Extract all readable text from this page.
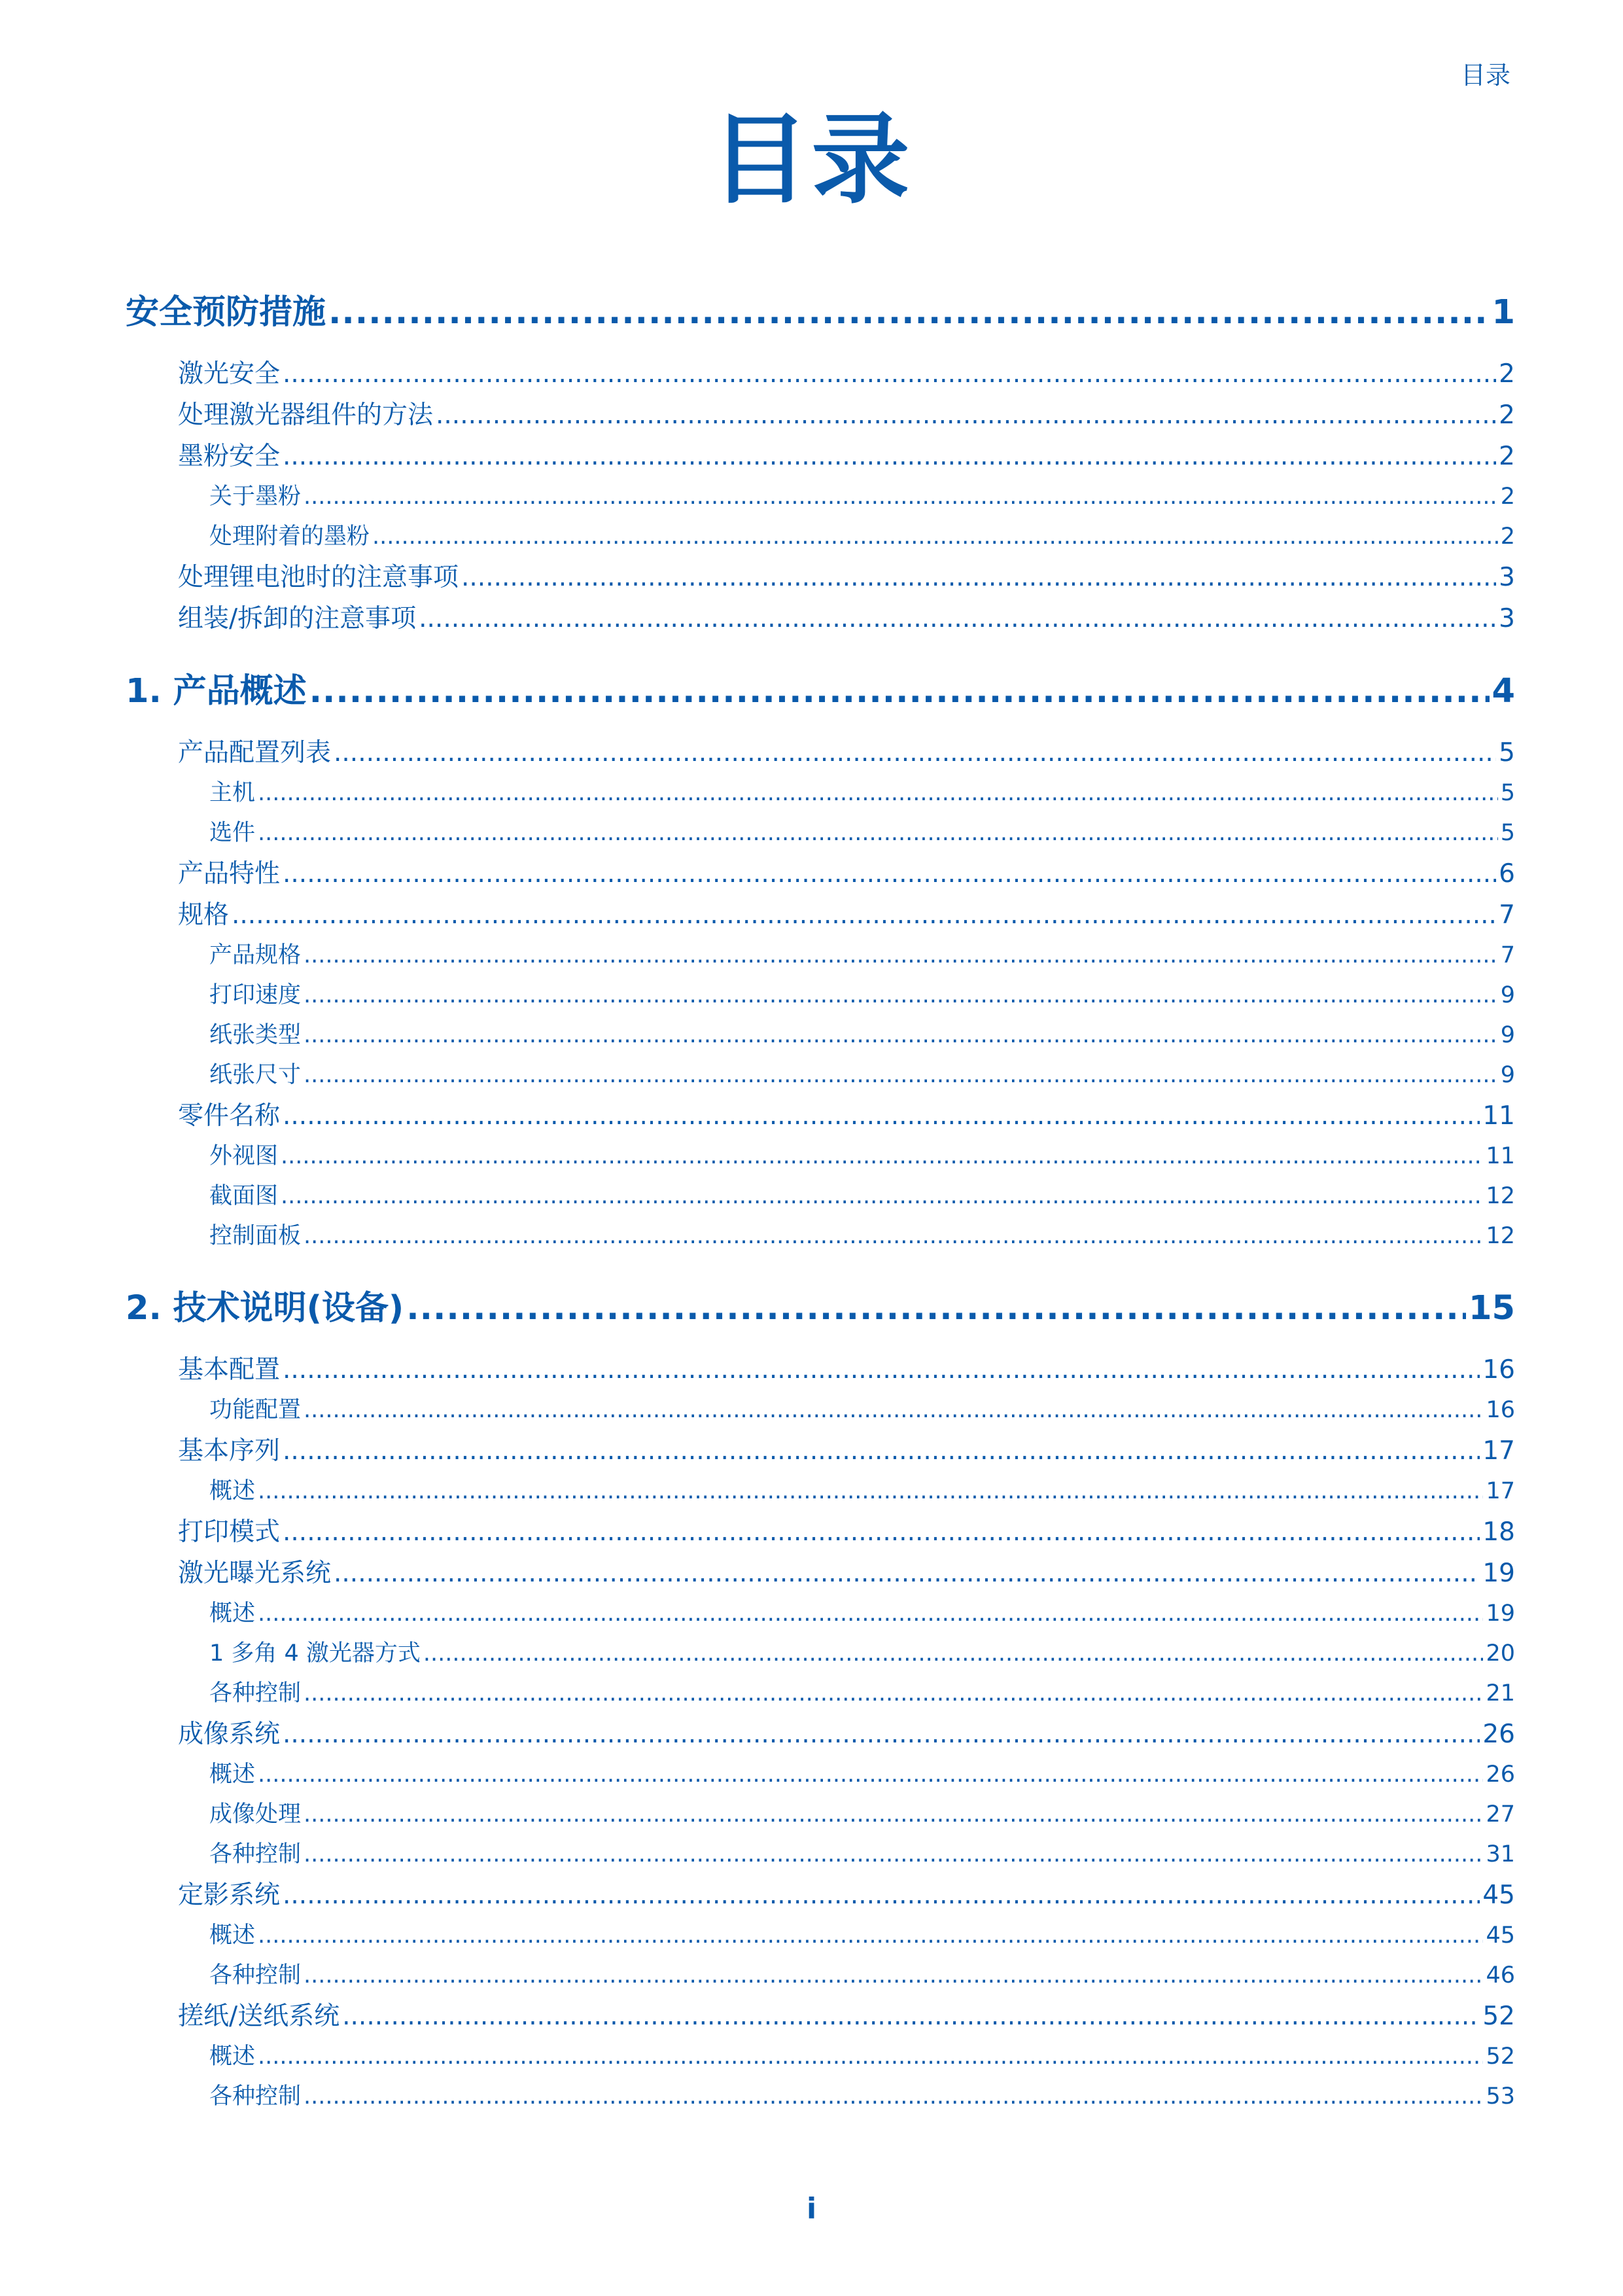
目录
目录
安全预防措施 .....	1
激光安全 .....	2
处理激光器组件的方法 .....	2
墨粉安全 .....	2
关于墨粉 .....	2
处理附着的墨粉 .....	2
处理锂电池时的注意事项 .....	3
组装/拆卸的注意事项 .....	3
1. 产品概述 .....	4
产品配置列表 .....	5
主机 .....	5
选件 .....	5
产品特性 .....	6
规格 .....	7
产品规格 .....	7
打印速度 .....	9
纸张类型 .....	9
纸张尺寸 .....	9
零件名称 .....	11
外视图 .....	11
截面图 .....	12
控制面板 .....	12
2. 技术说明(设备) .....	15
基本配置 .....	16
功能配置 .....	16
基本序列 .....	17
概述 .....	17
打印模式 .....	18
激光曝光系统 .....	19
概述 .....	19
1 多角 4 激光器方式 .....	20
各种控制 .....	21
成像系统 .....	26
概述 .....	26
成像处理 .....	27
各种控制 .....	31
定影系统 .....	45
概述 .....	45
各种控制 .....	46
搓纸/送纸系统 .....	52
概述 .....	52
各种控制 .....	53
i
